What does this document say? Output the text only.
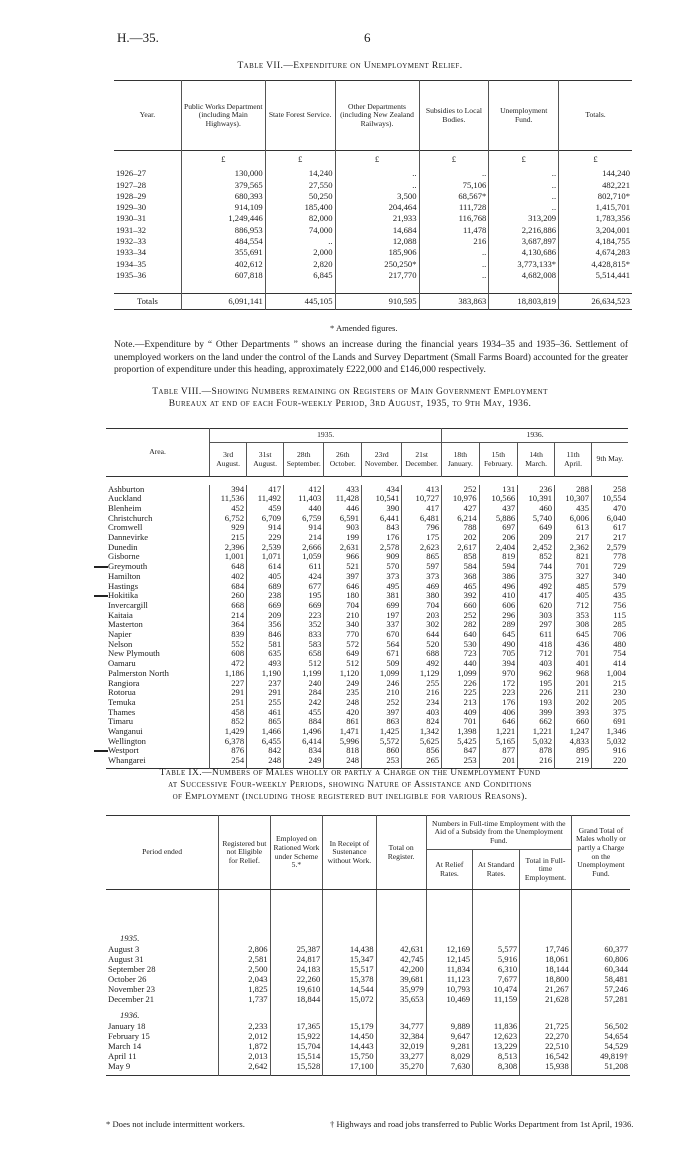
H.—35.	6
Table VII.—Expenditure on Unemployment Relief.
Year.	Public Works Department (including Main Highways).	State Forest Service.	Other Departments (including New Zealand Railways).	Subsidies to Local Bodies.	Unemployment Fund.	Totals.
	£	£	£	£	£	£
1926–27	130,000	14,240	..	..	..	144,240
1927–28	379,565	27,550	..	75,106	..	482,221
1928–29	680,393	50,250	3,500	68,567*	..	802,710*
1929–30	914,109	185,400	204,464	111,728	..	1,415,701
1930–31	1,249,446	82,000	21,933	116,768	313,209	1,783,356
1931–32	886,953	74,000	14,684	11,478	2,216,886	3,204,001
1932–33	484,554	..	12,088	216	3,687,897	4,184,755
1933–34	355,691	2,000	185,906	..	4,130,686	4,674,283
1934–35	402,612	2,820	250,250*	..	3,773,133*	4,428,815*
1935–36	607,818	6,845	217,770	..	4,682,008	5,514,441

Totals	6,091,141	445,105	910,595	383,863	18,803,819	26,634,523
* Amended figures.
Note.—Expenditure by “ Other Departments ” shows an increase during the financial years 1934–35 and 1935–36. Settlement of unemployed workers on the land under the control of the Lands and Survey Department (Small Farms Board) accounted for the greater proportion of expenditure under this heading, approximately £222,000 and £146,000 respectively.
Table VIII.—Showing Numbers remaining on Registers of Main Government Employment
Bureaux at end of each Four-weekly Period, 3rd August, 1935, to 9th May, 1936.
Area.	1935.						1936.				
	3rd August.	31st August.	28th September.	26th October.	23rd November.	21st December.	18th January.	15th February.	14th March.	11th April.	9th May.

Ashburton	394	417	412	433	434	413	252	131	236	288	258
Auckland	11,536	11,492	11,403	11,428	10,541	10,727	10,976	10,566	10,391	10,307	10,554
Blenheim	452	459	440	446	390	417	427	437	460	435	470
Christchurch	6,752	6,709	6,759	6,591	6,441	6,481	6,214	5,886	5,740	6,006	6,040
Cromwell	929	914	914	903	843	796	788	697	649	613	617
Dannevirke	215	229	214	199	176	175	202	206	209	217	217
Dunedin	2,396	2,539	2,666	2,631	2,578	2,623	2,617	2,404	2,452	2,362	2,579
Gisborne	1,001	1,071	1,059	966	909	865	858	819	852	821	778
Greymouth	648	614	611	521	570	597	584	594	744	701	729
Hamilton	402	405	424	397	373	373	368	386	375	327	340
Hastings	684	689	677	646	495	469	465	496	492	485	579
Hokitika	260	238	195	180	381	380	392	410	417	405	435
Invercargill	668	669	669	704	699	704	660	606	620	712	756
Kaitaia	214	209	223	210	197	203	252	296	303	353	115
Masterton	364	356	352	340	337	302	282	289	297	308	285
Napier	839	846	833	770	670	644	640	645	611	645	706
Nelson	552	581	583	572	564	520	530	490	418	436	480
New Plymouth	608	635	658	649	671	688	723	705	712	701	754
Oamaru	472	493	512	512	509	492	440	394	403	401	414
Palmerston North	1,186	1,190	1,199	1,120	1,099	1,129	1,099	970	962	968	1,004
Rangiora	227	237	240	249	246	255	226	172	195	201	215
Rotorua	291	291	284	235	210	216	225	223	226	211	230
Temuka	251	255	242	248	252	234	213	176	193	202	205
Thames	458	461	455	420	397	403	409	406	399	393	375
Timaru	852	865	884	861	863	824	701	646	662	660	691
Wanganui	1,429	1,466	1,496	1,471	1,425	1,342	1,398	1,221	1,221	1,247	1,346
Wellington	6,378	6,455	6,414	5,996	5,572	5,625	5,425	5,165	5,032	4,833	5,032
Westport	876	842	834	818	860	856	847	877	878	895	916
Whangarei	254	248	249	248	253	265	253	201	216	219	220

Table IX.—Numbers of Males wholly or partly a Charge on the Unemployment Fund
at Successive Four-weekly Periods, showing Nature of Assistance and Conditions
of Employment (including those registered but ineligible for various Reasons).
Period ended	Registered but not Eligible for Relief.	Employed on Rationed Work under Scheme 5.*	In Receipt of Sustenance without Work.	Total on Register.	Numbers in Full-time Employment with the Aid of a Subsidy from the Unemployment Fund.			Grand Total of Males wholly or partly a Charge on the Unemployment Fund.
					At Relief Rates.	At Standard Rates.	Total in Full-time Employment.	

1935.								
August 3	2,806	25,387	14,438	42,631	12,169	5,577	17,746	60,377
August 31	2,581	24,817	15,347	42,745	12,145	5,916	18,061	60,806
September 28	2,500	24,183	15,517	42,200	11,834	6,310	18,144	60,344
October 26	2,043	22,260	15,378	39,681	11,123	7,677	18,800	58,481
November 23	1,825	19,610	14,544	35,979	10,793	10,474	21,267	57,246
December 21	1,737	18,844	15,072	35,653	10,469	11,159	21,628	57,281

1936.								
January 18	2,233	17,365	15,179	34,777	9,889	11,836	21,725	56,502
February 15	2,012	15,922	14,450	32,384	9,647	12,623	22,270	54,654
March 14	1,872	15,704	14,443	32,019	9,281	13,229	22,510	54,529
April 11	2,013	15,514	15,750	33,277	8,029	8,513	16,542	49,819†
May 9	2,642	15,528	17,100	35,270	7,630	8,308	15,938	51,208

* Does not include intermittent workers.	† Highways and road jobs transferred to Public Works Department from 1st April, 1936.
